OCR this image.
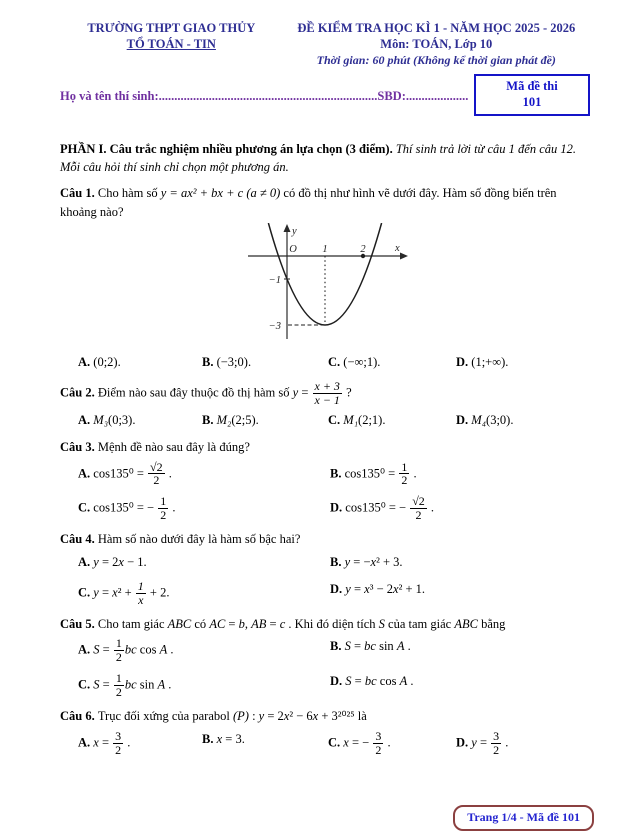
TRƯỜNG THPT GIAO THỦY
TỔ TOÁN - TIN
ĐỀ KIỂM TRA HỌC KÌ 1 - NĂM HỌC 2025 - 2026
Môn: TOÁN, Lớp 10
Thời gian: 60 phút (Không kể thời gian phát đề)
Họ và tên thí sinh:......................................................................SBD:....................
Mã đề thi
101

PHẦN I. Câu trắc nghiệm nhiều phương án lựa chọn (3 điểm). Thí sinh trả lời từ câu 1 đến câu 12. Mỗi câu hỏi thí sinh chỉ chọn một phương án.

Câu 1. Cho hàm số y = ax² + bx + c (a ≠ 0) có đồ thị như hình vẽ dưới đây. Hàm số đồng biến trên khoảng nào?

y
x
O 1	2
−1
−3
A. (0;2).	B. (−3;0).	C. (−∞;1).	D. (1;+∞).

Câu 2. Điểm nào sau đây thuộc đồ thị hàm số $y = \frac{x + 3}{x - 1}$ ?

A. M₃(0;3).	B. M₂(2;5).	C. M₁(2;1).	D. M₄(3;0).

Câu 3. Mệnh đề nào sau đây là đúng?

A. $\cos 135^0 = \frac{√2}{2}$ .	B. $\cos 135^0 = \frac{1}{2}$ .
C. cos135⁰ = − $\frac{1}{2}$ .	D. cos135⁰ = − $\frac{√2}{2}$ .

Câu 4. Hàm số nào dưới đây là hàm số bậc hai?

A. y = 2x − 1.	B. y = −x² + 3.
C. $y = x^2 + \frac{1}{x} + 2$.	D. y = x³ − 2x² + 1.

Câu 5. Cho tam giác ABC có AC = b, AB = c . Khi đó diện tích S của tam giác ABC bằng

A. $S = \frac{1}{2}$ bc cos A .	B. S = bc sin A .
C. $S = \frac{1}{2}$ bc sin A .	D. S = bc cos A .

Câu 6. Trục đối xứng của parabol (P) : y = 2x² − 6x + 3²⁰²⁵ là

A. $x = \frac{3}{2}$ .	B. x = 3.	C. x = − $\frac{3}{2}$ .	D. $y = \frac{3}{2}$ .
Trang 1/4 - Mã đề 101
